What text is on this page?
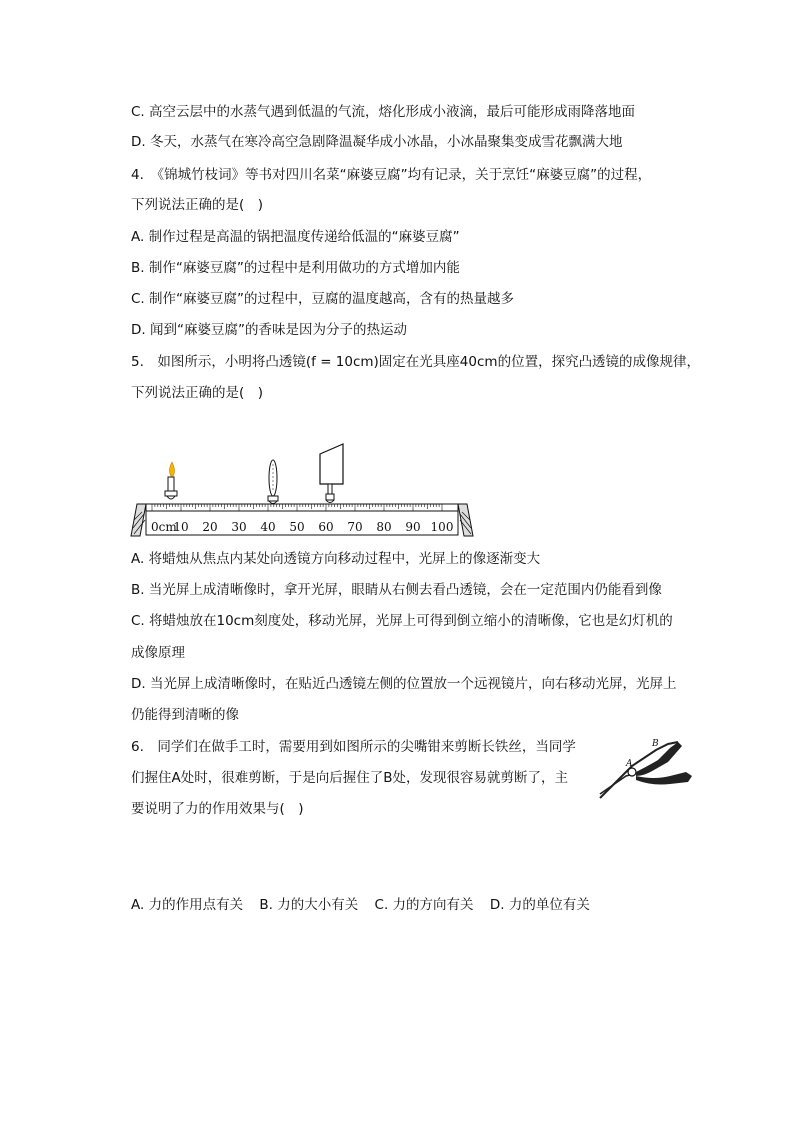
C. 高空云层中的水蒸气遇到低温的气流，熔化形成小液滴，最后可能形成雨降落地面
D. 冬天，水蒸气在寒冷高空急剧降温凝华成小冰晶，小冰晶聚集变成雪花飘满大地
4.　《锦城竹枝词》等书对四川名菜“麻婆豆腐”均有记录，关于烹饪“麻婆豆腐”的过程，
下列说法正确的是(　)
A. 制作过程是高温的锅把温度传递给低温的“麻婆豆腐”
B. 制作“麻婆豆腐”的过程中是利用做功的方式增加内能
C. 制作“麻婆豆腐”的过程中，豆腐的温度越高，含有的热量越多
D. 闻到“麻婆豆腐”的香味是因为分子的热运动
5.　如图所示，小明将凸透镜(f = 10cm)固定在光具座40cm的位置，探究凸透镜的成像规律，
下列说法正确的是(　)
0cm
10 20 30 40 50 60 70 80 90 100
A. 将蜡烛从焦点内某处向透镜方向移动过程中，光屏上的像逐渐变大
B. 当光屏上成清晰像时，拿开光屏，眼睛从右侧去看凸透镜，会在一定范围内仍能看到像
C. 将蜡烛放在10cm刻度处，移动光屏，光屏上可得到倒立缩小的清晰像，它也是幻灯机的
成像原理
D. 当光屏上成清晰像时，在贴近凸透镜左侧的位置放一个远视镜片，向右移动光屏，光屏上
仍能得到清晰的像
6.　同学们在做手工时，需要用到如图所示的尖嘴钳来剪断长铁丝，当同学
们握住A处时，很难剪断，于是向后握住了B处，发现很容易就剪断了，主
要说明了力的作用效果与(　)
A
B
A. 力的作用点有关 B. 力的大小有关 C. 力的方向有关 D. 力的单位有关
